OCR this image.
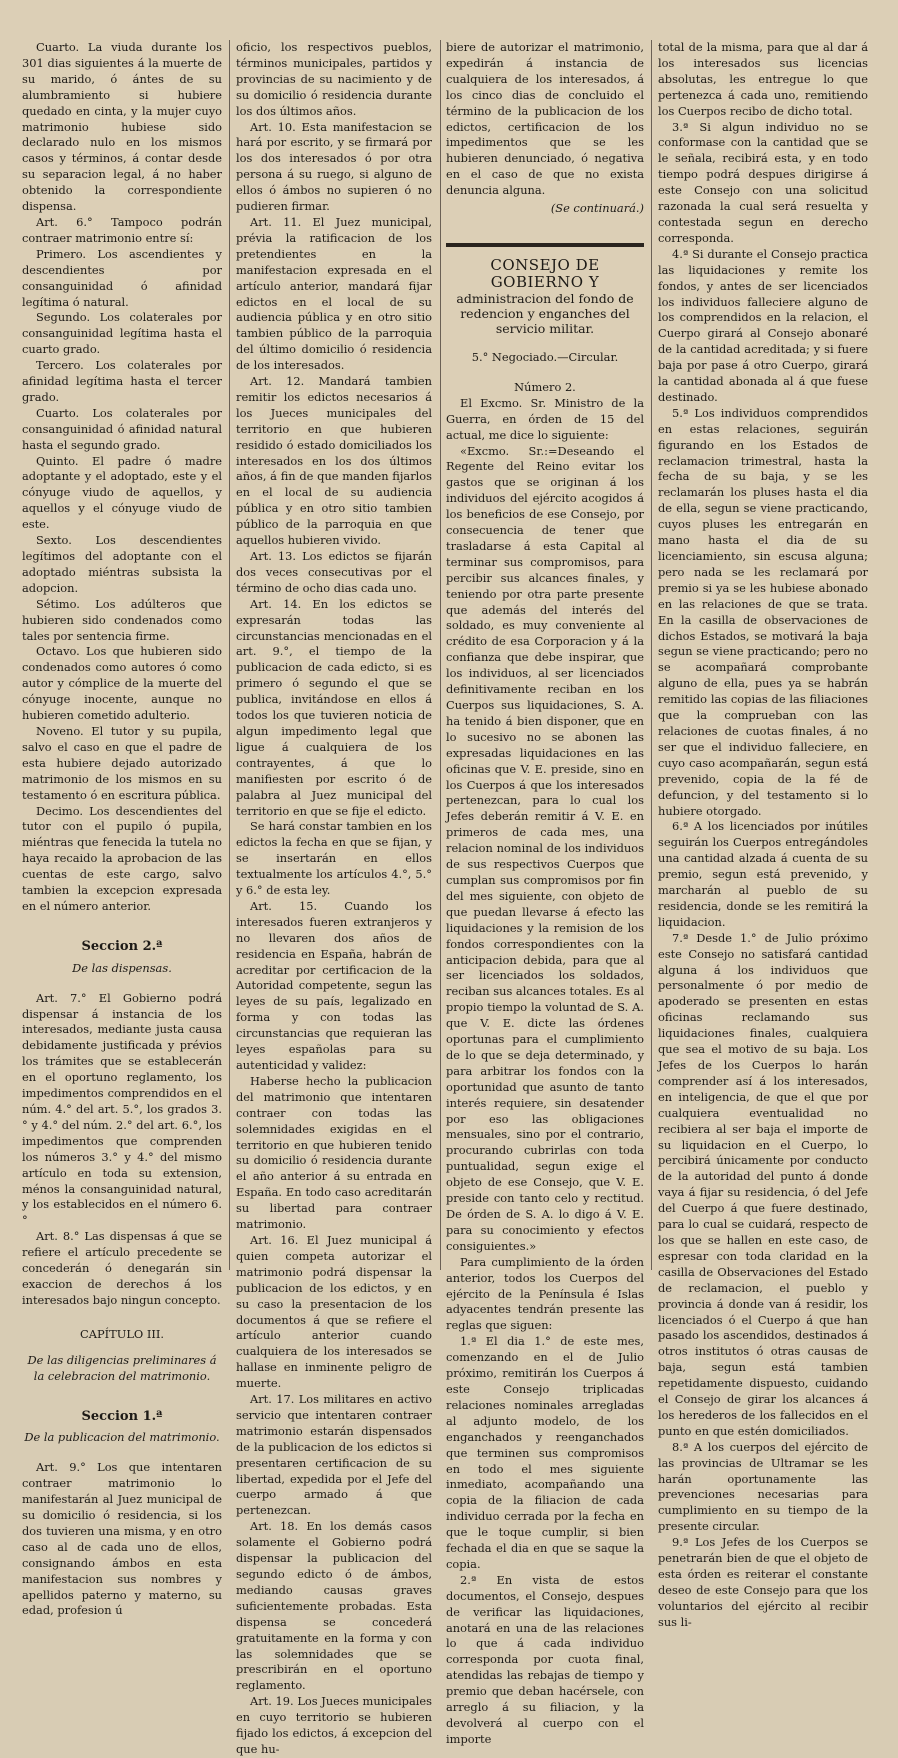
Cuarto. La viuda durante los 301 dias siguientes á la muerte de su marido, ó ántes de su alumbramiento si hubiere quedado en cinta, y la mujer cuyo matrimonio hubiese sido declarado nulo en los mismos casos y términos, á contar desde su separacion legal, á no haber obtenido la correspondiente dispensa.

Art. 6.° Tampoco podrán contraer matrimonio entre sí:

Primero. Los ascendientes y descendientes por consanguinidad ó afinidad legítima ó natural.

Segundo. Los colaterales por consanguinidad legítima hasta el cuarto grado.

Tercero. Los colaterales por afinidad legítima hasta el tercer grado.

Cuarto. Los colaterales por consanguinidad ó afinidad natural hasta el segundo grado.

Quinto. El padre ó madre adoptante y el adoptado, este y el cónyuge viudo de aquellos, y aquellos y el cónyuge viudo de este.

Sexto. Los descendientes legítimos del adoptante con el adoptado miéntras subsista la adopcion.

Sétimo. Los adúlteros que hubieren sido condenados como tales por sentencia firme.

Octavo. Los que hubieren sido condenados como autores ó como autor y cómplice de la muerte del cónyuge inocente, aunque no hubieren cometido adulterio.

Noveno. El tutor y su pupila, salvo el caso en que el padre de esta hubiere dejado autorizado matrimonio de los mismos en su testamento ó en escritura pública.

Decimo. Los descendientes del tutor con el pupilo ó pupila, miéntras que fenecida la tutela no haya recaido la aprobacion de las cuentas de este cargo, salvo tambien la excepcion expresada en el número anterior.

Seccion 2.ª

De las dispensas.

Art. 7.° El Gobierno podrá dispensar á instancia de los interesados, mediante justa causa debidamente justificada y prévios los trámites que se establecerán en el oportuno reglamento, los impedimentos comprendidos en el núm. 4.° del art. 5.°, los grados 3.° y 4.° del núm. 2.° del art. 6.°, los impedimentos que comprenden los números 3.° y 4.° del mismo artículo en toda su extension, ménos la consanguinidad natural, y los establecidos en el número 6.°

Art. 8.° Las dispensas á que se refiere el artículo precedente se concederán ó denegarán sin exaccion de derechos á los interesados bajo ningun concepto.

CAPÍTULO III.

De las diligencias preliminares á la celebracion del matrimonio.

Seccion 1.ª

De la publicacion del matrimonio.

Art. 9.° Los que intentaren contraer matrimonio lo manifestarán al Juez municipal de su domicilio ó residencia, si los dos tuvieren una misma, y en otro caso al de cada uno de ellos, consignando ámbos en esta manifestacion sus nombres y apellidos paterno y materno, su edad, profesion ú

oficio, los respectivos pueblos, términos municipales, partidos y provincias de su nacimiento y de su domicilio ó residencia durante los dos últimos años.

Art. 10. Esta manifestacion se hará por escrito, y se firmará por los dos interesados ó por otra persona á su ruego, si alguno de ellos ó ámbos no supieren ó no pudieren firmar.

Art. 11. El Juez municipal, prévia la ratificacion de los pretendientes en la manifestacion expresada en el artículo anterior, mandará fijar edictos en el local de su audiencia pública y en otro sitio tambien público de la parroquia del último domicilio ó residencia de los interesados.

Art. 12. Mandará tambien remitir los edictos necesarios á los Jueces municipales del territorio en que hubieren residido ó estado domiciliados los interesados en los dos últimos años, á fin de que manden fijarlos en el local de su audiencia pública y en otro sitio tambien público de la parroquia en que aquellos hubieren vivido.

Art. 13. Los edictos se fijarán dos veces consecutivas por el término de ocho dias cada uno.

Art. 14. En los edictos se expresarán todas las circunstancias mencionadas en el art. 9.°, el tiempo de la publicacion de cada edicto, si es primero ó segundo el que se publica, invitándose en ellos á todos los que tuvieren noticia de algun impedimento legal que ligue á cualquiera de los contrayentes, á que lo manifiesten por escrito ó de palabra al Juez municipal del territorio en que se fije el edicto.

Se hará constar tambien en los edictos la fecha en que se fijan, y se insertarán en ellos textualmente los artículos 4.°, 5.° y 6.° de esta ley.

Art. 15. Cuando los interesados fueren extranjeros y no llevaren dos años de residencia en España, habrán de acreditar por certificacion de la Autoridad competente, segun las leyes de su país, legalizado en forma y con todas las circunstancias que requieran las leyes españolas para su autenticidad y validez:

Haberse hecho la publicacion del matrimonio que intentaren contraer con todas las solemnidades exigidas en el territorio en que hubieren tenido su domicilio ó residencia durante el año anterior á su entrada en España. En todo caso acreditarán su libertad para contraer matrimonio.

Art. 16. El Juez municipal á quien competa autorizar el matrimonio podrá dispensar la publicacion de los edictos, y en su caso la presentacion de los documentos á que se refiere el artículo anterior cuando cualquiera de los interesados se hallase en inminente peligro de muerte.

Art. 17. Los militares en activo servicio que intentaren contraer matrimonio estarán dispensados de la publicacion de los edictos si presentaren certificacion de su libertad, expedida por el Jefe del cuerpo armado á que pertenezcan.

Art. 18. En los demás casos solamente el Gobierno podrá dispensar la publicacion del segundo edicto ó de ámbos, mediando causas graves suficientemente probadas. Esta dispensa se concederá gratuitamente en la forma y con las solemnidades que se prescribirán en el oportuno reglamento.

Art. 19. Los Jueces municipales en cuyo territorio se hubieren fijado los edictos, á excepcion del que hu-

biere de autorizar el matrimonio, expedirán á instancia de cualquiera de los interesados, á los cinco dias de concluido el término de la publicacion de los edictos, certificacion de los impedimentos que se les hubieren denunciado, ó negativa en el caso de que no exista denuncia alguna.

(Se continuará.)

CONSEJO DE GOBIERNO Y

administracion del fondo de redencion y enganches del servicio militar.

5.° Negociado.—Circular.

Número 2.

El Excmo. Sr. Ministro de la Guerra, en órden de 15 del actual, me dice lo siguiente:

«Excmo. Sr.:=Deseando el Regente del Reino evitar los gastos que se originan á los individuos del ejército acogidos á los beneficios de ese Consejo, por consecuencia de tener que trasladarse á esta Capital al terminar sus compromisos, para percibir sus alcances finales, y teniendo por otra parte presente que además del interés del soldado, es muy conveniente al crédito de esa Corporacion y á la confianza que debe inspirar, que los individuos, al ser licenciados definitivamente reciban en los Cuerpos sus liquidaciones, S. A. ha tenido á bien disponer, que en lo sucesivo no se abonen las expresadas liquidaciones en las oficinas que V. E. preside, sino en los Cuerpos á que los interesados pertenezcan, para lo cual los Jefes deberán remitir á V. E. en primeros de cada mes, una relacion nominal de los individuos de sus respectivos Cuerpos que cumplan sus compromisos por fin del mes siguiente, con objeto de que puedan llevarse á efecto las liquidaciones y la remision de los fondos correspondientes con la anticipacion debida, para que al ser licenciados los soldados, reciban sus alcances totales. Es al propio tiempo la voluntad de S. A. que V. E. dicte las órdenes oportunas para el cumplimiento de lo que se deja determinado, y para arbitrar los fondos con la oportunidad que asunto de tanto interés requiere, sin desatender por eso las obligaciones mensuales, sino por el contrario, procurando cubrirlas con toda puntualidad, segun exige el objeto de ese Consejo, que V. E. preside con tanto celo y rectitud. De órden de S. A. lo digo á V. E. para su conocimiento y efectos consiguientes.»

Para cumplimiento de la órden anterior, todos los Cuerpos del ejército de la Península é Islas adyacentes tendrán presente las reglas que siguen:

1.ª El dia 1.° de este mes, comenzando en el de Julio próximo, remitirán los Cuerpos á este Consejo triplicadas relaciones nominales arregladas al adjunto modelo, de los enganchados y reenganchados que terminen sus compromisos en todo el mes siguiente inmediato, acompañando una copia de la filiacion de cada individuo cerrada por la fecha en que le toque cumplir, si bien fechada el dia en que se saque la copia.

2.ª En vista de estos documentos, el Consejo, despues de verificar las liquidaciones, anotará en una de las relaciones lo que á cada individuo corresponda por cuota final, atendidas las rebajas de tiempo y premio que deban hacérsele, con arreglo á su filiacion, y la devolverá al cuerpo con el importe

total de la misma, para que al dar á los interesados sus licencias absolutas, les entregue lo que pertenezca á cada uno, remitiendo los Cuerpos recibo de dicho total.

3.ª Si algun individuo no se conformase con la cantidad que se le señala, recibirá esta, y en todo tiempo podrá despues dirigirse á este Consejo con una solicitud razonada la cual será resuelta y contestada segun en derecho corresponda.

4.ª Si durante el Consejo practica las liquidaciones y remite los fondos, y antes de ser licenciados los individuos falleciere alguno de los comprendidos en la relacion, el Cuerpo girará al Consejo abonaré de la cantidad acreditada; y si fuere baja por pase á otro Cuerpo, girará la cantidad abonada al á que fuese destinado.

5.ª Los individuos comprendidos en estas relaciones, seguirán figurando en los Estados de reclamacion trimestral, hasta la fecha de su baja, y se les reclamarán los pluses hasta el dia de ella, segun se viene practicando, cuyos pluses les entregarán en mano hasta el dia de su licenciamiento, sin escusa alguna; pero nada se les reclamará por premio si ya se les hubiese abonado en las relaciones de que se trata. En la casilla de observaciones de dichos Estados, se motivará la baja segun se viene practicando; pero no se acompañará comprobante alguno de ella, pues ya se habrán remitido las copias de las filiaciones que la comprueban con las relaciones de cuotas finales, á no ser que el individuo falleciere, en cuyo caso acompañarán, segun está prevenido, copia de la fé de defuncion, y del testamento si lo hubiere otorgado.

6.ª A los licenciados por inútiles seguirán los Cuerpos entregándoles una cantidad alzada á cuenta de su premio, segun está prevenido, y marcharán al pueblo de su residencia, donde se les remitirá la liquidacion.

7.ª Desde 1.° de Julio próximo este Consejo no satisfará cantidad alguna á los individuos que personalmente ó por medio de apoderado se presenten en estas oficinas reclamando sus liquidaciones finales, cualquiera que sea el motivo de su baja. Los Jefes de los Cuerpos lo harán comprender así á los interesados, en inteligencia, de que el que por cualquiera eventualidad no recibiera al ser baja el importe de su liquidacion en el Cuerpo, lo percibirá únicamente por conducto de la autoridad del punto á donde vaya á fijar su residencia, ó del Jefe del Cuerpo á que fuere destinado, para lo cual se cuidará, respecto de los que se hallen en este caso, de espresar con toda claridad en la casilla de Observaciones del Estado de reclamacion, el pueblo y provincia á donde van á residir, los licenciados ó el Cuerpo á que han pasado los ascendidos, destinados á otros institutos ó otras causas de baja, segun está tambien repetidamente dispuesto, cuidando el Consejo de girar los alcances á los herederos de los fallecidos en el punto en que estén domiciliados.

8.ª A los cuerpos del ejército de las provincias de Ultramar se les harán oportunamente las prevenciones necesarias para cumplimiento en su tiempo de la presente circular.

9.ª Los Jefes de los Cuerpos se penetrarán bien de que el objeto de esta órden es reiterar el constante deseo de este Consejo para que los voluntarios del ejército al recibir sus li-
